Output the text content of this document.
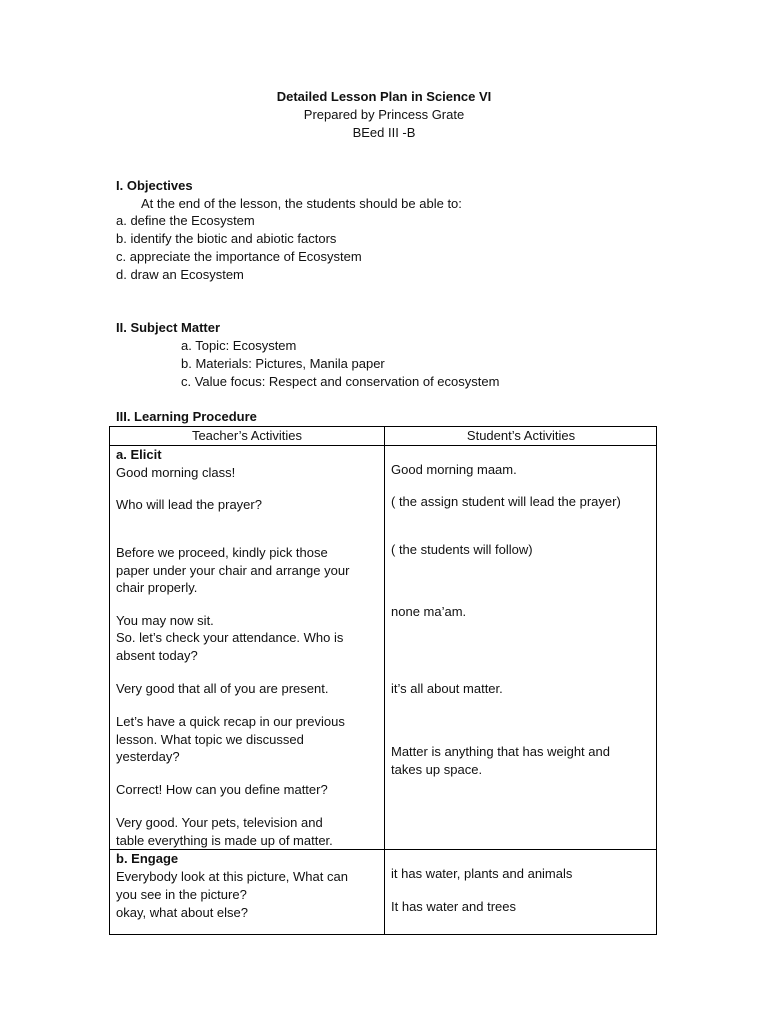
Detailed Lesson Plan in Science VI
Prepared by Princess Grate
BEed III -B
I. Objectives
At the end of the lesson, the students should be able to:
a. define the Ecosystem
b. identify the biotic and abiotic factors
c. appreciate the importance of Ecosystem
d. draw an Ecosystem
II. Subject Matter
a. Topic: Ecosystem
b. Materials: Pictures, Manila paper
c. Value focus: Respect and conservation of ecosystem
III. Learning Procedure
Teacher’s Activities	Student’s Activities
a. Elicit
Good morning class!
Who will lead the prayer?
Before we proceed, kindly pick those
paper under your chair and arrange your
chair properly.
You may now sit.
So. let’s check your attendance. Who is
absent today?
Very good that all of you are present.
Let’s have a quick recap in our previous
lesson. What topic we discussed
yesterday?
Correct! How can you define matter?
Very good. Your pets, television and
table everything is made up of matter.
Good morning maam.
( the assign student will lead the prayer)
( the students will follow)
none ma’am.
it’s all about matter.
Matter is anything that has weight and
takes up space.
b. Engage
Everybody look at this picture, What can
you see in the picture?
okay, what about else?
it has water, plants and animals
It has water and trees
